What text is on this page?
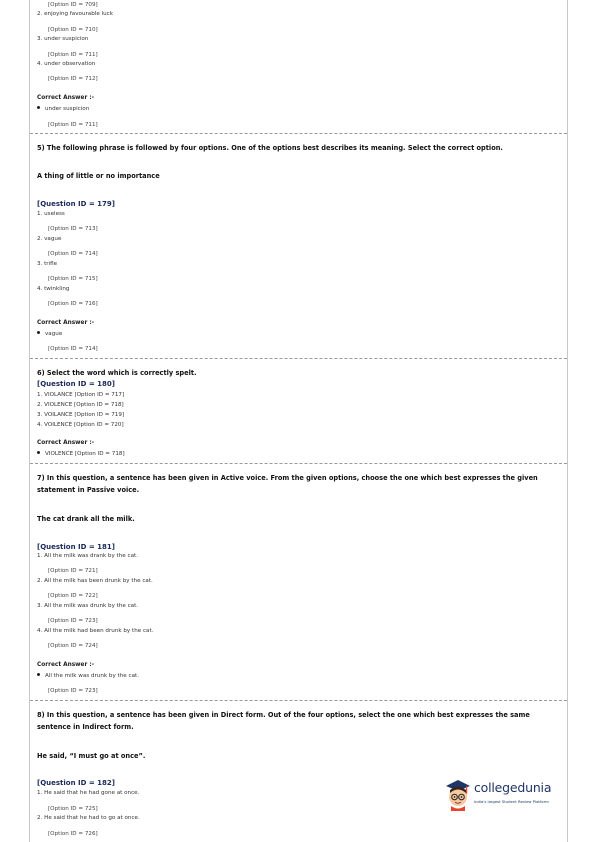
[Option ID = 709]
2. enjoying favourable luck
[Option ID = 710]
3. under suspicion
[Option ID = 711]
4. under observation
[Option ID = 712]
Correct Answer :-
under suspicion
[Option ID = 711]
5) The following phrase is followed by four options. One of the options best describes its meaning. Select the correct option.
A thing of little or no importance
[Question ID = 179]
1. useless
[Option ID = 713]
2. vague
[Option ID = 714]
3. trifle
[Option ID = 715]
4. twinkling
[Option ID = 716]
Correct Answer :-
vague
[Option ID = 714]
6) Select the word which is correctly spelt.
[Question ID = 180]
1. VIOLANCE [Option ID = 717]
2. VIOLENCE [Option ID = 718]
3. VOILANCE [Option ID = 719]
4. VOILENCE [Option ID = 720]
Correct Answer :-
VIOLENCE [Option ID = 718]
7) In this question, a sentence has been given in Active voice. From the given options, choose the one which best expresses the given statement in Passive voice.
The cat drank all the milk.
[Question ID = 181]
1. All the milk was drank by the cat.
[Option ID = 721]
2. All the milk has been drunk by the cat.
[Option ID = 722]
3. All the milk was drunk by the cat.
[Option ID = 723]
4. All the milk had been drunk by the cat.
[Option ID = 724]
Correct Answer :-
All the milk was drunk by the cat.
[Option ID = 723]
8) In this question, a sentence has been given in Direct form. Out of the four options, select the one which best expresses the same sentence in Indirect form.
He said, “I must go at once”.
[Question ID = 182]
1. He said that he had gone at once.
[Option ID = 725]
2. He said that he had to go at once.
[Option ID = 726]
collegedunia
India's largest Student Review Platform
